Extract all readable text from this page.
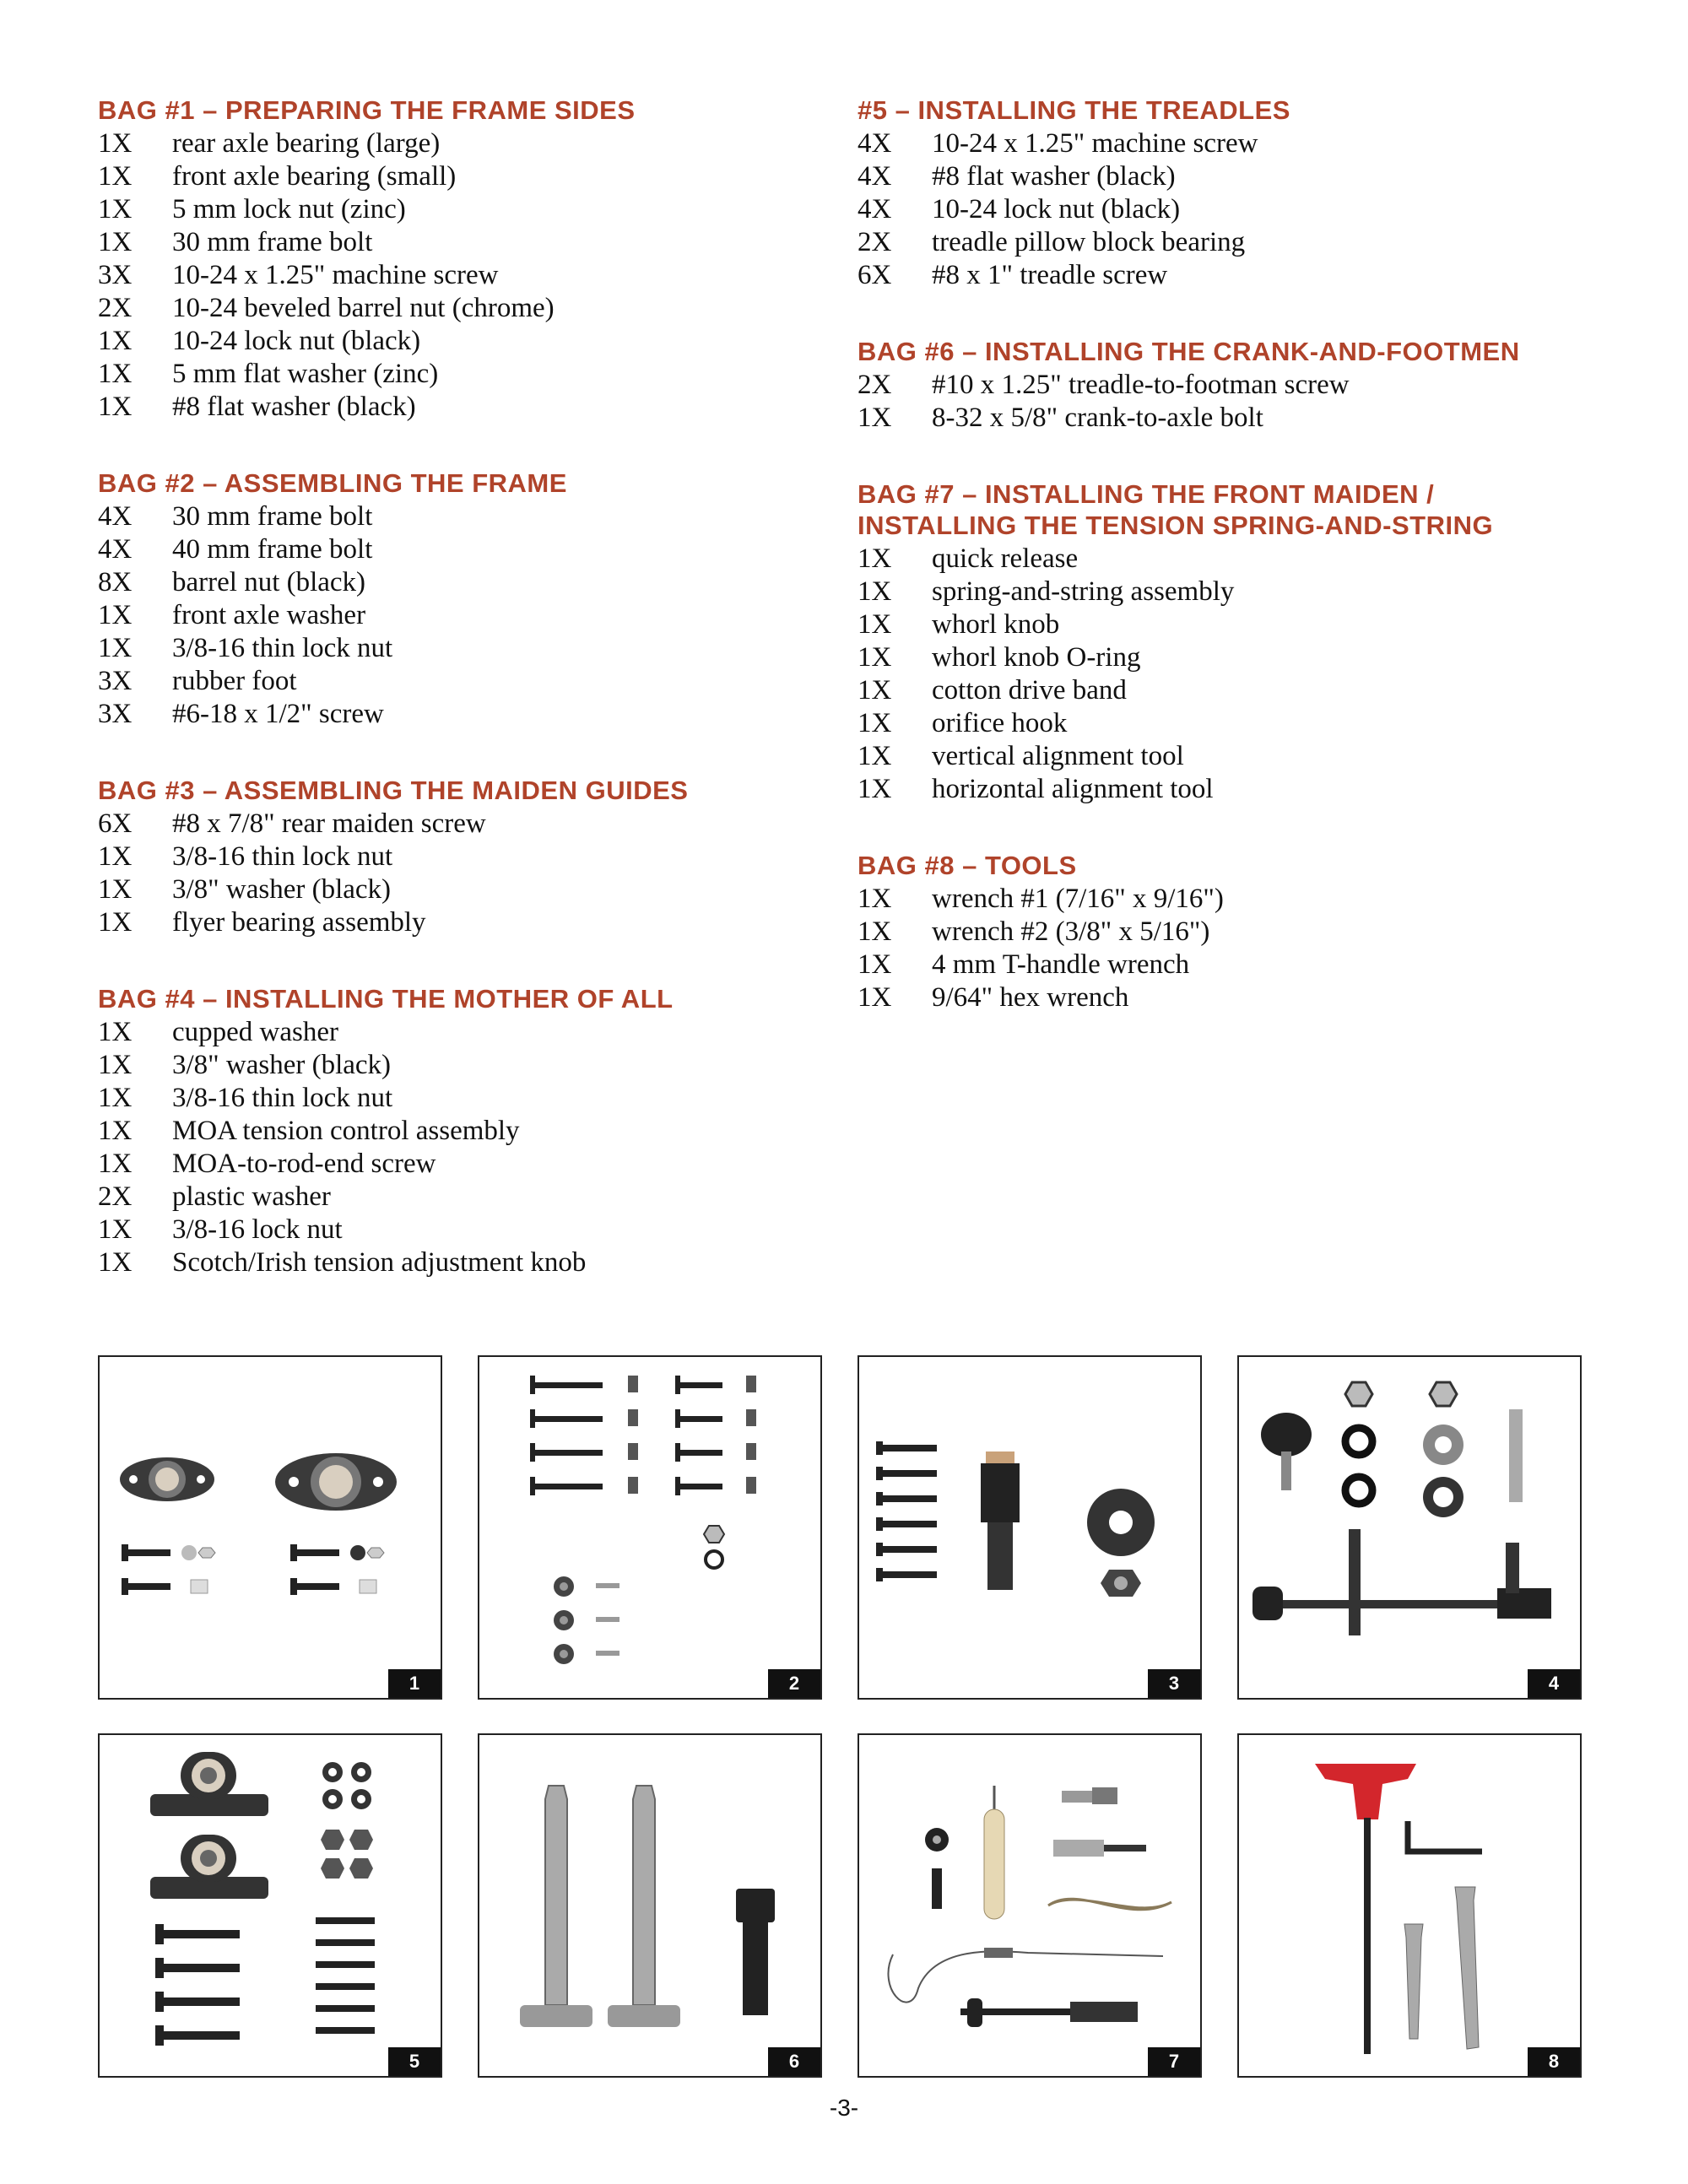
BAG #1 – PREPARING THE FRAME SIDES
1X	rear axle bearing (large)
1X	front axle bearing (small)
1X	5 mm lock nut (zinc)
1X	30 mm frame bolt
3X	10-24 x 1.25" machine screw
2X	10-24 beveled barrel nut (chrome)
1X	10-24 lock nut (black)
1X	5 mm flat washer (zinc)
1X	#8 flat washer (black)
BAG #2 – ASSEMBLING THE FRAME
4X	30 mm frame bolt
4X	40 mm frame bolt
8X	barrel nut (black)
1X	front axle washer
1X	3/8-16 thin lock nut
3X	rubber foot
3X	#6-18 x 1/2" screw
BAG #3 – ASSEMBLING THE MAIDEN GUIDES
6X	#8 x 7/8" rear maiden screw
1X	3/8-16 thin lock nut
1X	3/8" washer (black)
1X	flyer bearing assembly
BAG #4 – INSTALLING THE MOTHER OF ALL
1X	cupped washer
1X	3/8" washer (black)
1X	3/8-16 thin lock nut
1X	MOA tension control assembly
1X	MOA-to-rod-end screw
2X	plastic washer
1X	3/8-16 lock nut
1X	Scotch/Irish tension adjustment knob
#5 – INSTALLING THE TREADLES
4X	10-24 x 1.25" machine screw
4X	#8 flat washer (black)
4X	10-24 lock nut (black)
2X	treadle pillow block bearing
6X	#8 x 1" treadle screw
BAG #6 – INSTALLING THE CRANK-AND-FOOTMEN
2X	#10 x 1.25" treadle-to-footman screw
1X	8-32 x 5/8" crank-to-axle bolt
BAG #7 – INSTALLING THE FRONT MAIDEN /
INSTALLING THE TENSION SPRING-AND-STRING
1X	quick release
1X	spring-and-string assembly
1X	whorl knob
1X	whorl knob O-ring
1X	cotton drive band
1X	orifice hook
1X	vertical alignment tool
1X	horizontal alignment tool
BAG #8 – TOOLS
1X	wrench #1 (7/16" x 9/16")
1X	wrench #2 (3/8" x 5/16")
1X	4 mm T-handle wrench
1X	9/64" hex wrench
1	2	3	4
5	6	7	8
-3-
